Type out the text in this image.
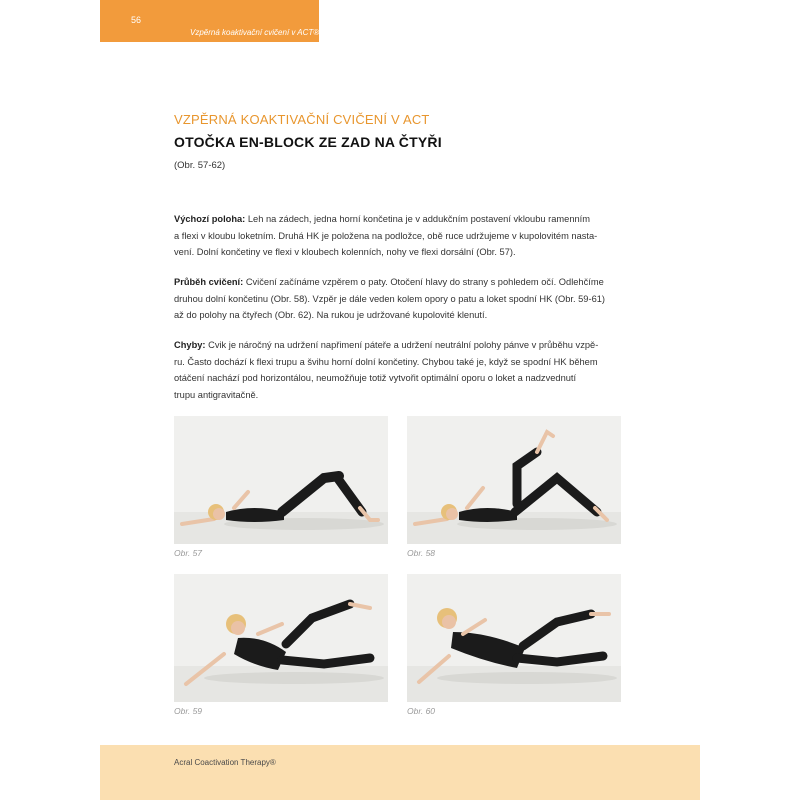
56
Vzpěrná koaktivační cvičení v ACT®
VZPĚRNÁ KOAKTIVAČNÍ CVIČENÍ V ACT
OTOČKA EN-BLOCK ZE ZAD NA ČTYŘI
(Obr. 57-62)
Výchozí poloha: Leh na zádech, jedna horní končetina je v addukčním postavení vkloubu ramenním
a flexi v kloubu loketním. Druhá HK je položena na podložce, obě ruce udržujeme v kupolovitém nasta-
vení. Dolní končetiny ve flexi v kloubech kolenních, nohy ve flexi dorsální (Obr. 57).
Průběh cvičení: Cvičení začínáme vzpěrem o paty. Otočení hlavy do strany s pohledem očí. Odlehčíme
druhou dolní končetinu (Obr. 58). Vzpěr je dále veden kolem opory o patu a loket spodní HK (Obr. 59-61)
až do polohy na čtyřech (Obr. 62). Na rukou je udržované kupolovité klenutí.
Chyby: Cvik je náročný na udržení napřimení páteře a udržení neutrální polohy pánve v průběhu vzpě-
ru. Často dochází k flexi trupu a švihu horní dolní končetiny. Chybou také je, když se spodní HK během
otáčení nachází pod horizontálou, neumožňuje totiž vytvořit optimální oporu o loket a nadzvednutí
trupu antigravitačně.
Obr. 57	Obr. 58
Obr. 59	Obr. 60
Acral Coactivation Therapy®
